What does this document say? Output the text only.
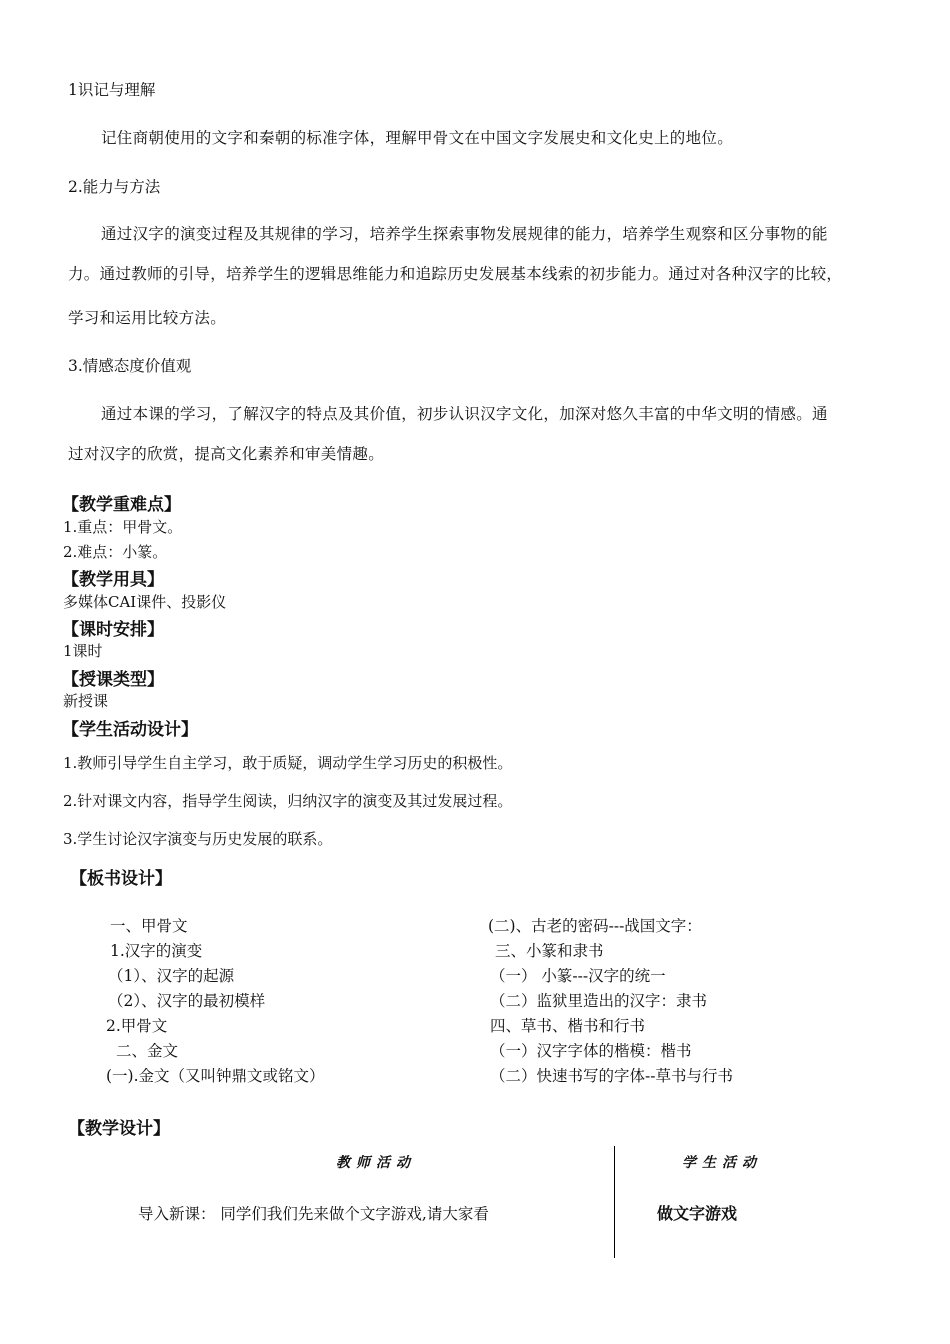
1识记与理解
记住商朝使用的文字和秦朝的标准字体，理解甲骨文在中国文字发展史和文化史上的地位。
2.能力与方法
通过汉字的演变过程及其规律的学习，培养学生探索事物发展规律的能力，培养学生观察和区分事物的能
力。通过教师的引导，培养学生的逻辑思维能力和追踪历史发展基本线索的初步能力。通过对各种汉字的比较，
学习和运用比较方法。
3.情感态度价值观
通过本课的学习，了解汉字的特点及其价值，初步认识汉字文化，加深对悠久丰富的中华文明的情感。通
过对汉字的欣赏，提高文化素养和审美情趣。
【教学重难点】
1.重点：甲骨文。
2.难点：小篆。
【教学用具】
多媒体CAI课件、投影仪
【课时安排】
1课时
【授课类型】
新授课
【学生活动设计】
1.教师引导学生自主学习，敢于质疑，调动学生学习历史的积极性。
2.针对课文内容，指导学生阅读，归纳汉字的演变及其过发展过程。
3.学生讨论汉字演变与历史发展的联系。
【板书设计】
一、甲骨文
1.汉字的演变
（1）、汉字的起源
（2）、汉字的最初模样
2.甲骨文
二、金文
(一).金文（又叫钟鼎文或铭文）
(二)、古老的密码---战国文字：
三、小篆和隶书
（一） 小篆---汉字的统一
（二）监狱里造出的汉字：隶书
四、草书、楷书和行书
（一）汉字字体的楷模：楷书
（二）快速书写的字体--草书与行书
【教学设计】
教师活动	学生活动
导入新课： 同学们我们先来做个文字游戏,请大家看	做文字游戏
